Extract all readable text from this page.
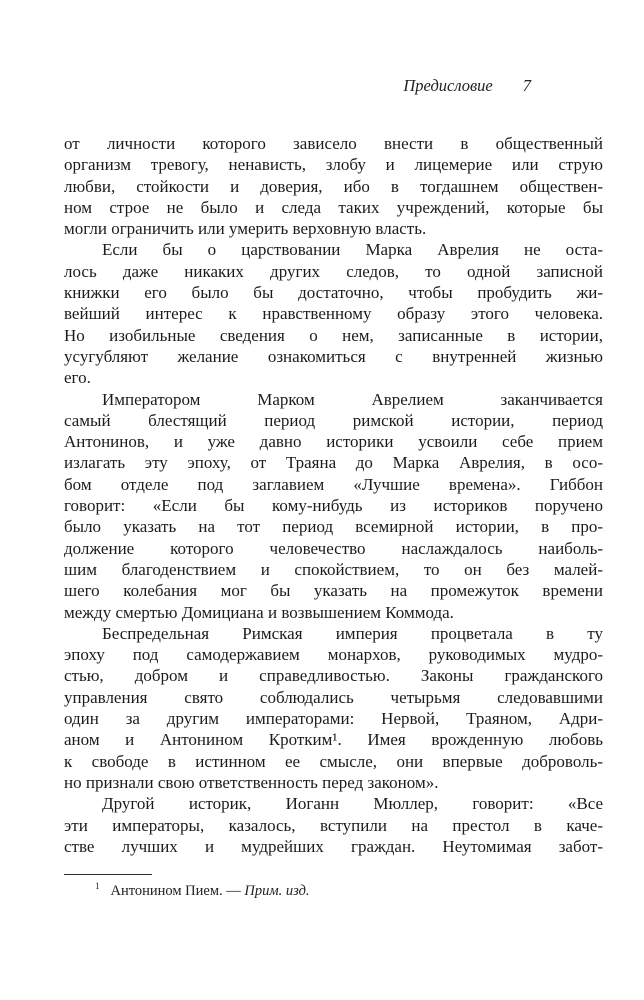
Предисловие 7
от личности которого зависело внести в общественный
организм тревогу, ненависть, злобу и лицемерие или струю
любви, стойкости и доверия, ибо в тогдашнем обществен-
ном строе не было и следа таких учреждений, которые бы
могли ограничить или умерить верховную власть.
Если бы о царствовании Марка Аврелия не оста-
лось даже никаких других следов, то одной записной
книжки его было бы достаточно, чтобы пробудить жи-
вейший интерес к нравственному образу этого человека.
Но изобильные сведения о нем, записанные в истории,
усугубляют желание ознакомиться с внутренней жизнью
его.
Императором Марком Аврелием заканчивается
самый блестящий период римской истории, период
Антонинов, и уже давно историки усвоили себе прием
излагать эту эпоху, от Траяна до Марка Аврелия, в осо-
бом отделе под заглавием «Лучшие времена». Гиббон
говорит: «Если бы кому-нибудь из историков поручено
было указать на тот период всемирной истории, в про-
должение которого человечество наслаждалось наиболь-
шим благоденствием и спокойствием, то он без малей-
шего колебания мог бы указать на промежуток времени
между смертью Домициана и возвышением Коммода.
Беспредельная Римская империя процветала в ту
эпоху под самодержавием монархов, руководимых мудро-
стью, добром и справедливостью. Законы гражданского
управления свято соблюдались четырьмя следовавшими
один за другим императорами: Нервой, Траяном, Адри-
аном и Антонином Кротким¹. Имея врожденную любовь
к свободе в истинном ее смысле, они впервые доброволь-
но признали свою ответственность перед законом».
Другой историк, Иоганн Мюллер, говорит: «Все
эти императоры, казалось, вступили на престол в каче-
стве лучших и мудрейших граждан. Неутомимая забот-
$^1$ Антонином Пием. — Прим. изд.
